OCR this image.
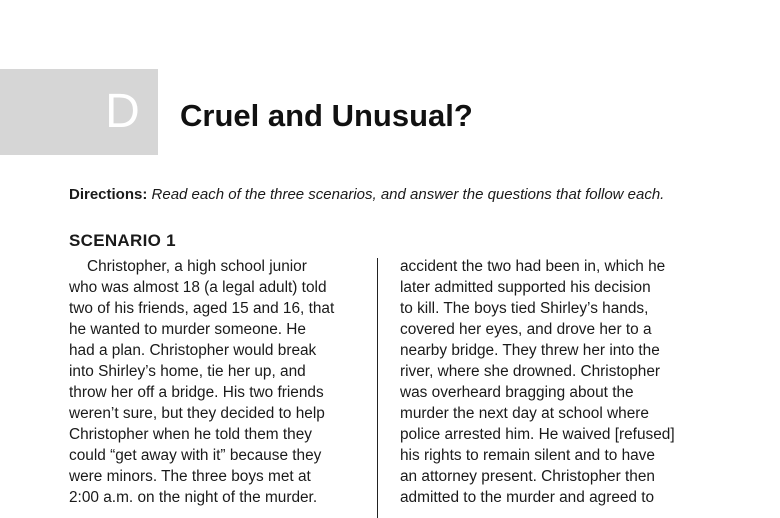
D Cruel and Unusual?
Directions: Read each of the three scenarios, and answer the questions that follow each.
SCENARIO 1
Christopher, a high school junior
who was almost 18 (a legal adult) told
two of his friends, aged 15 and 16, that
he wanted to murder someone. He
had a plan. Christopher would break
into Shirley’s home, tie her up, and
throw her off a bridge. His two friends
weren’t sure, but they decided to help
Christopher when he told them they
could “get away with it” because they
were minors. The three boys met at
2:00 a.m. on the night of the murder.
accident the two had been in, which he
later admitted supported his decision
to kill. The boys tied Shirley’s hands,
covered her eyes, and drove her to a
nearby bridge. They threw her into the
river, where she drowned. Christopher
was overheard bragging about the
murder the next day at school where
police arrested him. He waived [refused]
his rights to remain silent and to have
an attorney present. Christopher then
admitted to the murder and agreed to
